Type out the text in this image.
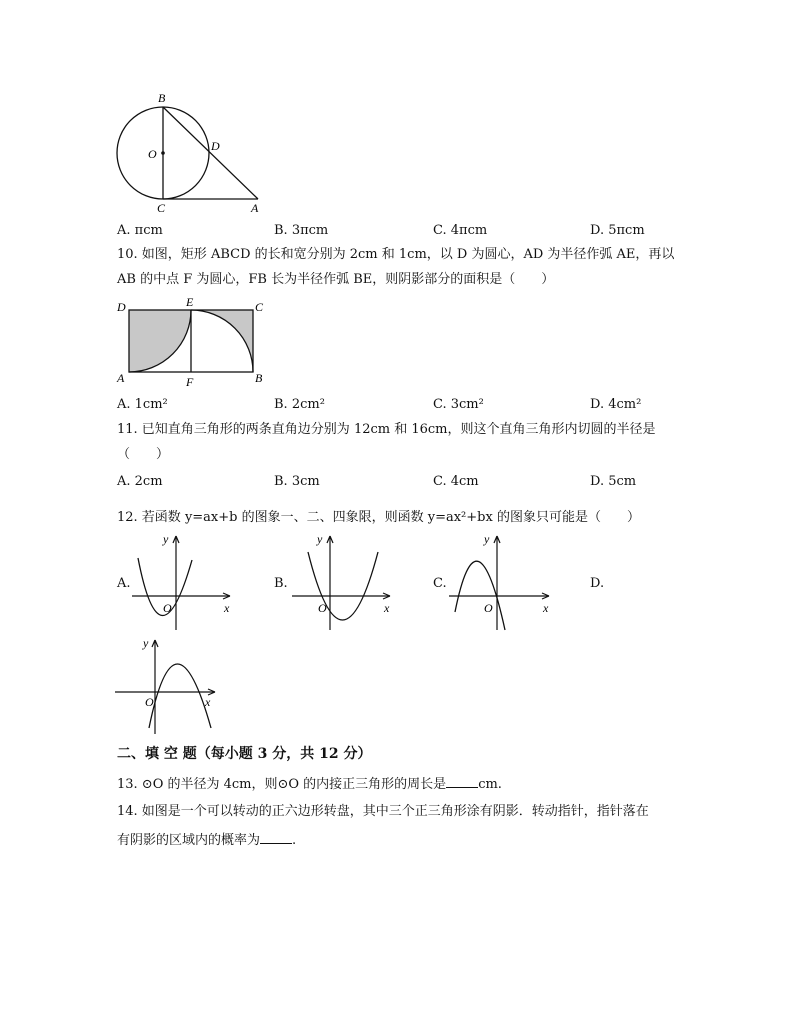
B
O
D
C	A
A. πcm	B. 3πcm	C. 4πcm	D. 5πcm
10. 如图，矩形 ABCD 的长和宽分别为 2cm 和 1cm，以 D 为圆心，AD 为半径作弧 AE，再以
AB 的中点 F 为圆心，FB 长为半径作弧 BE，则阴影部分的面积是（　　）
D	E	C
A	F	B
A. 1cm²	B. 2cm²	C. 3cm²	D. 4cm²
11. 已知直角三角形的两条直角边分别为 12cm 和 16cm，则这个直角三角形内切圆的半径是
（　　）
A. 2cm	B. 3cm	C. 4cm	D. 5cm
12. 若函数 y=ax+b 的图象一、二、四象限，则函数 y=ax²+bx 的图象只可能是（　　）
A.	B.	C.	D.
y
x
O
y
x
O
y
x
O
y
x
O
二、填 空 题（每小题 3 分，共 12 分）
13. ⊙O 的半径为 4cm，则⊙O 的内接正三角形的周长是 cm.
14. 如图是一个可以转动的正六边形转盘，其中三个正三角形涂有阴影．转动指针，指针落在
有阴影的区域内的概率为 .
